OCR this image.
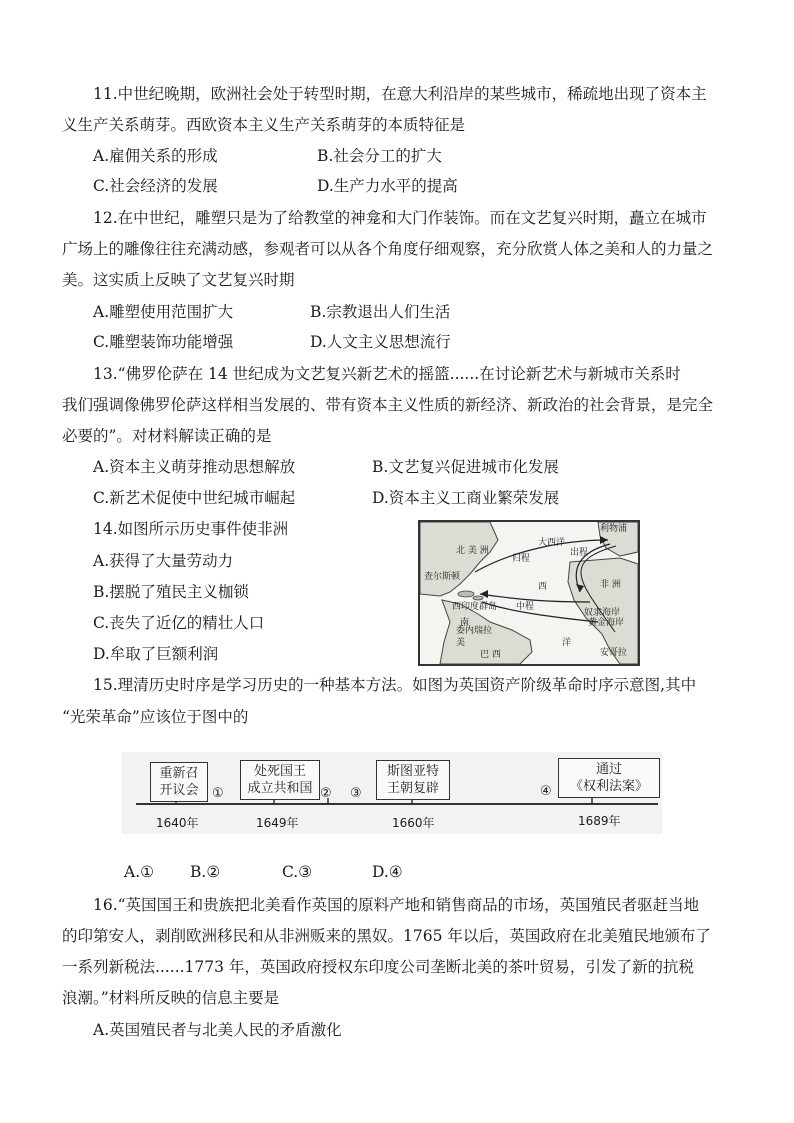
11.中世纪晚期，欧洲社会处于转型时期，在意大利沿岸的某些城市，稀疏地出现了资本主
义生产关系萌芽。西欧资本主义生产关系萌芽的本质特征是
A.雇佣关系的形成	B.社会分工的扩大
C.社会经济的发展	D.生产力水平的提高
12.在中世纪，雕塑只是为了给教堂的神龛和大门作装饰。而在文艺复兴时期，矗立在城市
广场上的雕像往往充满动感，参观者可以从各个角度仔细观察，充分欣赏人体之美和人的力量之
美。这实质上反映了文艺复兴时期
A.雕塑使用范围扩大	B.宗教退出人们生活
C.雕塑装饰功能增强	D.人文主义思想流行
13.“佛罗伦萨在 14 世纪成为文艺复兴新艺术的摇篮......在讨论新艺术与新城市关系时
我们强调像佛罗伦萨这样相当发展的、带有资本主义性质的新经济、新政治的社会背景，是完全
必要的”。对材料解读正确的是
A.资本主义萌芽推动思想解放	B.文艺复兴促进城市化发展
C.新艺术促使中世纪城市崛起	D.资本主义工商业繁荣发展
14.如图所示历史事件使非洲
A.获得了大量劳动力
B.摆脱了殖民主义枷锁
C.丧失了近亿的精壮人口
D.牟取了巨额利润
北 美 洲
大西洋
利物浦
查尔斯顿
归程
出程
中程
西印度群岛
非 洲
南
委内瑞拉
美
巴 西
西
洋
安哥拉
奴隶海岸
黄金海岸
15.理清历史时序是学习历史的一种基本方法。如图为英国资产阶级革命时序示意图,其中
“光荣革命”应该位于图中的
重新召
开议会
处死国王
成立共和国
斯图亚特
王朝复辟
通过
《权利法案》
①	② ③	④
1640年	1649年	1660年	1689年
A.① B.②	C.③	D.④
16.“英国国王和贵族把北美看作英国的原料产地和销售商品的市场，英国殖民者驱赶当地
的印第安人，剥削欧洲移民和从非洲贩来的黑奴。1765 年以后，英国政府在北美殖民地颁布了
一系列新税法......1773 年，英国政府授权东印度公司垄断北美的茶叶贸易，引发了新的抗税
浪潮。”材料所反映的信息主要是
A.英国殖民者与北美人民的矛盾激化
